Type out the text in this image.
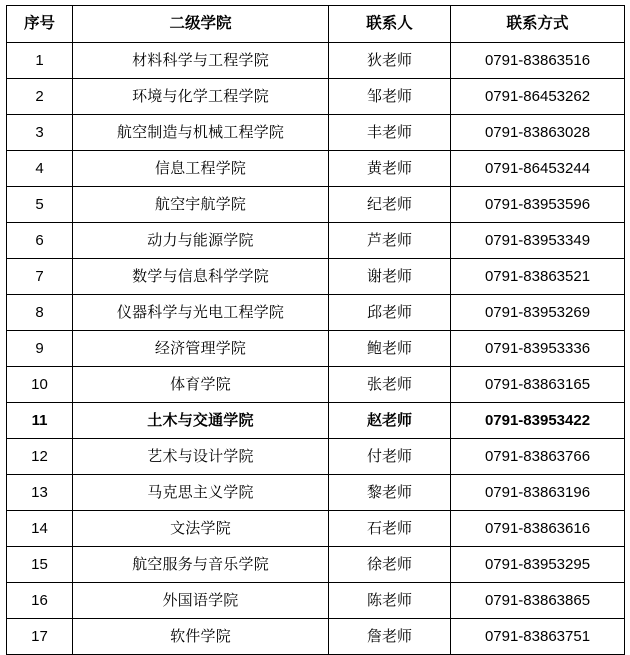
序号	二级学院	联系人	联系方式
1	材料科学与工程学院	狄老师	0791-83863516
2	环境与化学工程学院	邹老师	0791-86453262
3	航空制造与机械工程学院	丰老师	0791-83863028
4	信息工程学院	黄老师	0791-86453244
5	航空宇航学院	纪老师	0791-83953596
6	动力与能源学院	芦老师	0791-83953349
7	数学与信息科学学院	谢老师	0791-83863521
8	仪器科学与光电工程学院	邱老师	0791-83953269
9	经济管理学院	鲍老师	0791-83953336
10	体育学院	张老师	0791-83863165
11	土木与交通学院	赵老师	0791-83953422
12	艺术与设计学院	付老师	0791-83863766
13	马克思主义学院	黎老师	0791-83863196
14	文法学院	石老师	0791-83863616
15	航空服务与音乐学院	徐老师	0791-83953295
16	外国语学院	陈老师	0791-83863865
17	软件学院	詹老师	0791-83863751
